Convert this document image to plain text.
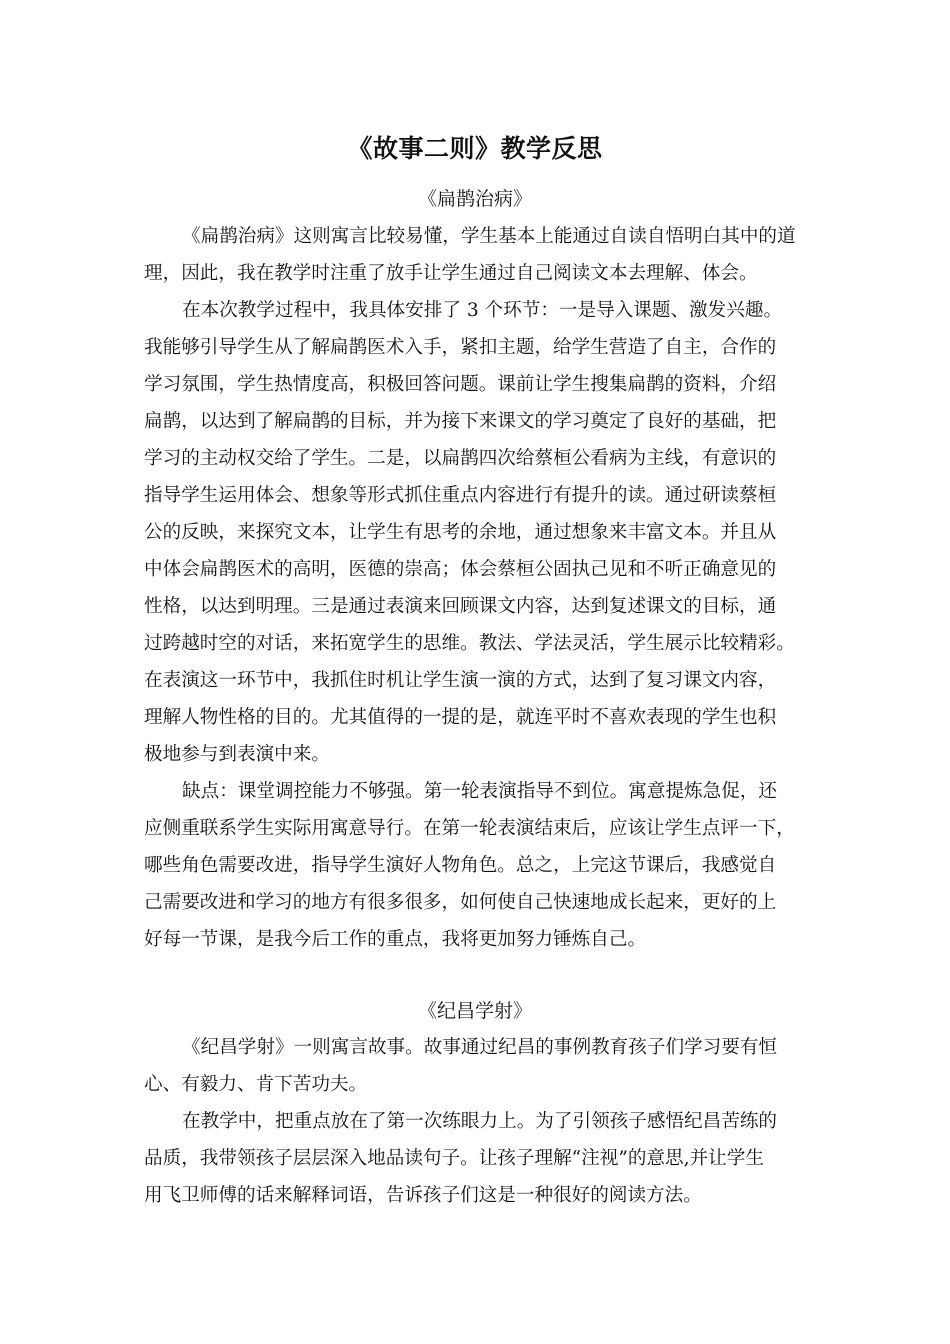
《故事二则》教学反思
《扁鹊治病》
《扁鹊治病》这则寓言比较易懂，学生基本上能通过自读自悟明白其中的道
理，因此，我在教学时注重了放手让学生通过自己阅读文本去理解、体会。
在本次教学过程中，我具体安排了 3 个环节：一是导入课题、激发兴趣。
我能够引导学生从了解扁鹊医术入手，紧扣主题，给学生营造了自主，合作的
学习氛围，学生热情度高，积极回答问题。课前让学生搜集扁鹊的资料，介绍
扁鹊，以达到了解扁鹊的目标，并为接下来课文的学习奠定了良好的基础，把
学习的主动权交给了学生。二是，以扁鹊四次给蔡桓公看病为主线，有意识的
指导学生运用体会、想象等形式抓住重点内容进行有提升的读。通过研读蔡桓
公的反映，来探究文本，让学生有思考的余地，通过想象来丰富文本。并且从
中体会扁鹊医术的高明，医德的崇高；体会蔡桓公固执己见和不听正确意见的
性格，以达到明理。三是通过表演来回顾课文内容，达到复述课文的目标，通
过跨越时空的对话，来拓宽学生的思维。教法、学法灵活，学生展示比较精彩。
在表演这一环节中，我抓住时机让学生演一演的方式，达到了复习课文内容，
理解人物性格的目的。尤其值得的一提的是，就连平时不喜欢表现的学生也积
极地参与到表演中来。
缺点：课堂调控能力不够强。第一轮表演指导不到位。寓意提炼急促，还
应侧重联系学生实际用寓意导行。在第一轮表演结束后，应该让学生点评一下，
哪些角色需要改进，指导学生演好人物角色。总之，上完这节课后，我感觉自
己需要改进和学习的地方有很多很多，如何使自己快速地成长起来，更好的上
好每一节课，是我今后工作的重点，我将更加努力锤炼自己。
《纪昌学射》
《纪昌学射》一则寓言故事。故事通过纪昌的事例教育孩子们学习要有恒
心、有毅力、肯下苦功夫。
在教学中，把重点放在了第一次练眼力上。为了引领孩子感悟纪昌苦练的
品质，我带领孩子层层深入地品读句子。让孩子理解“注视”的意思,并让学生
用飞卫师傅的话来解释词语，告诉孩子们这是一种很好的阅读方法。
